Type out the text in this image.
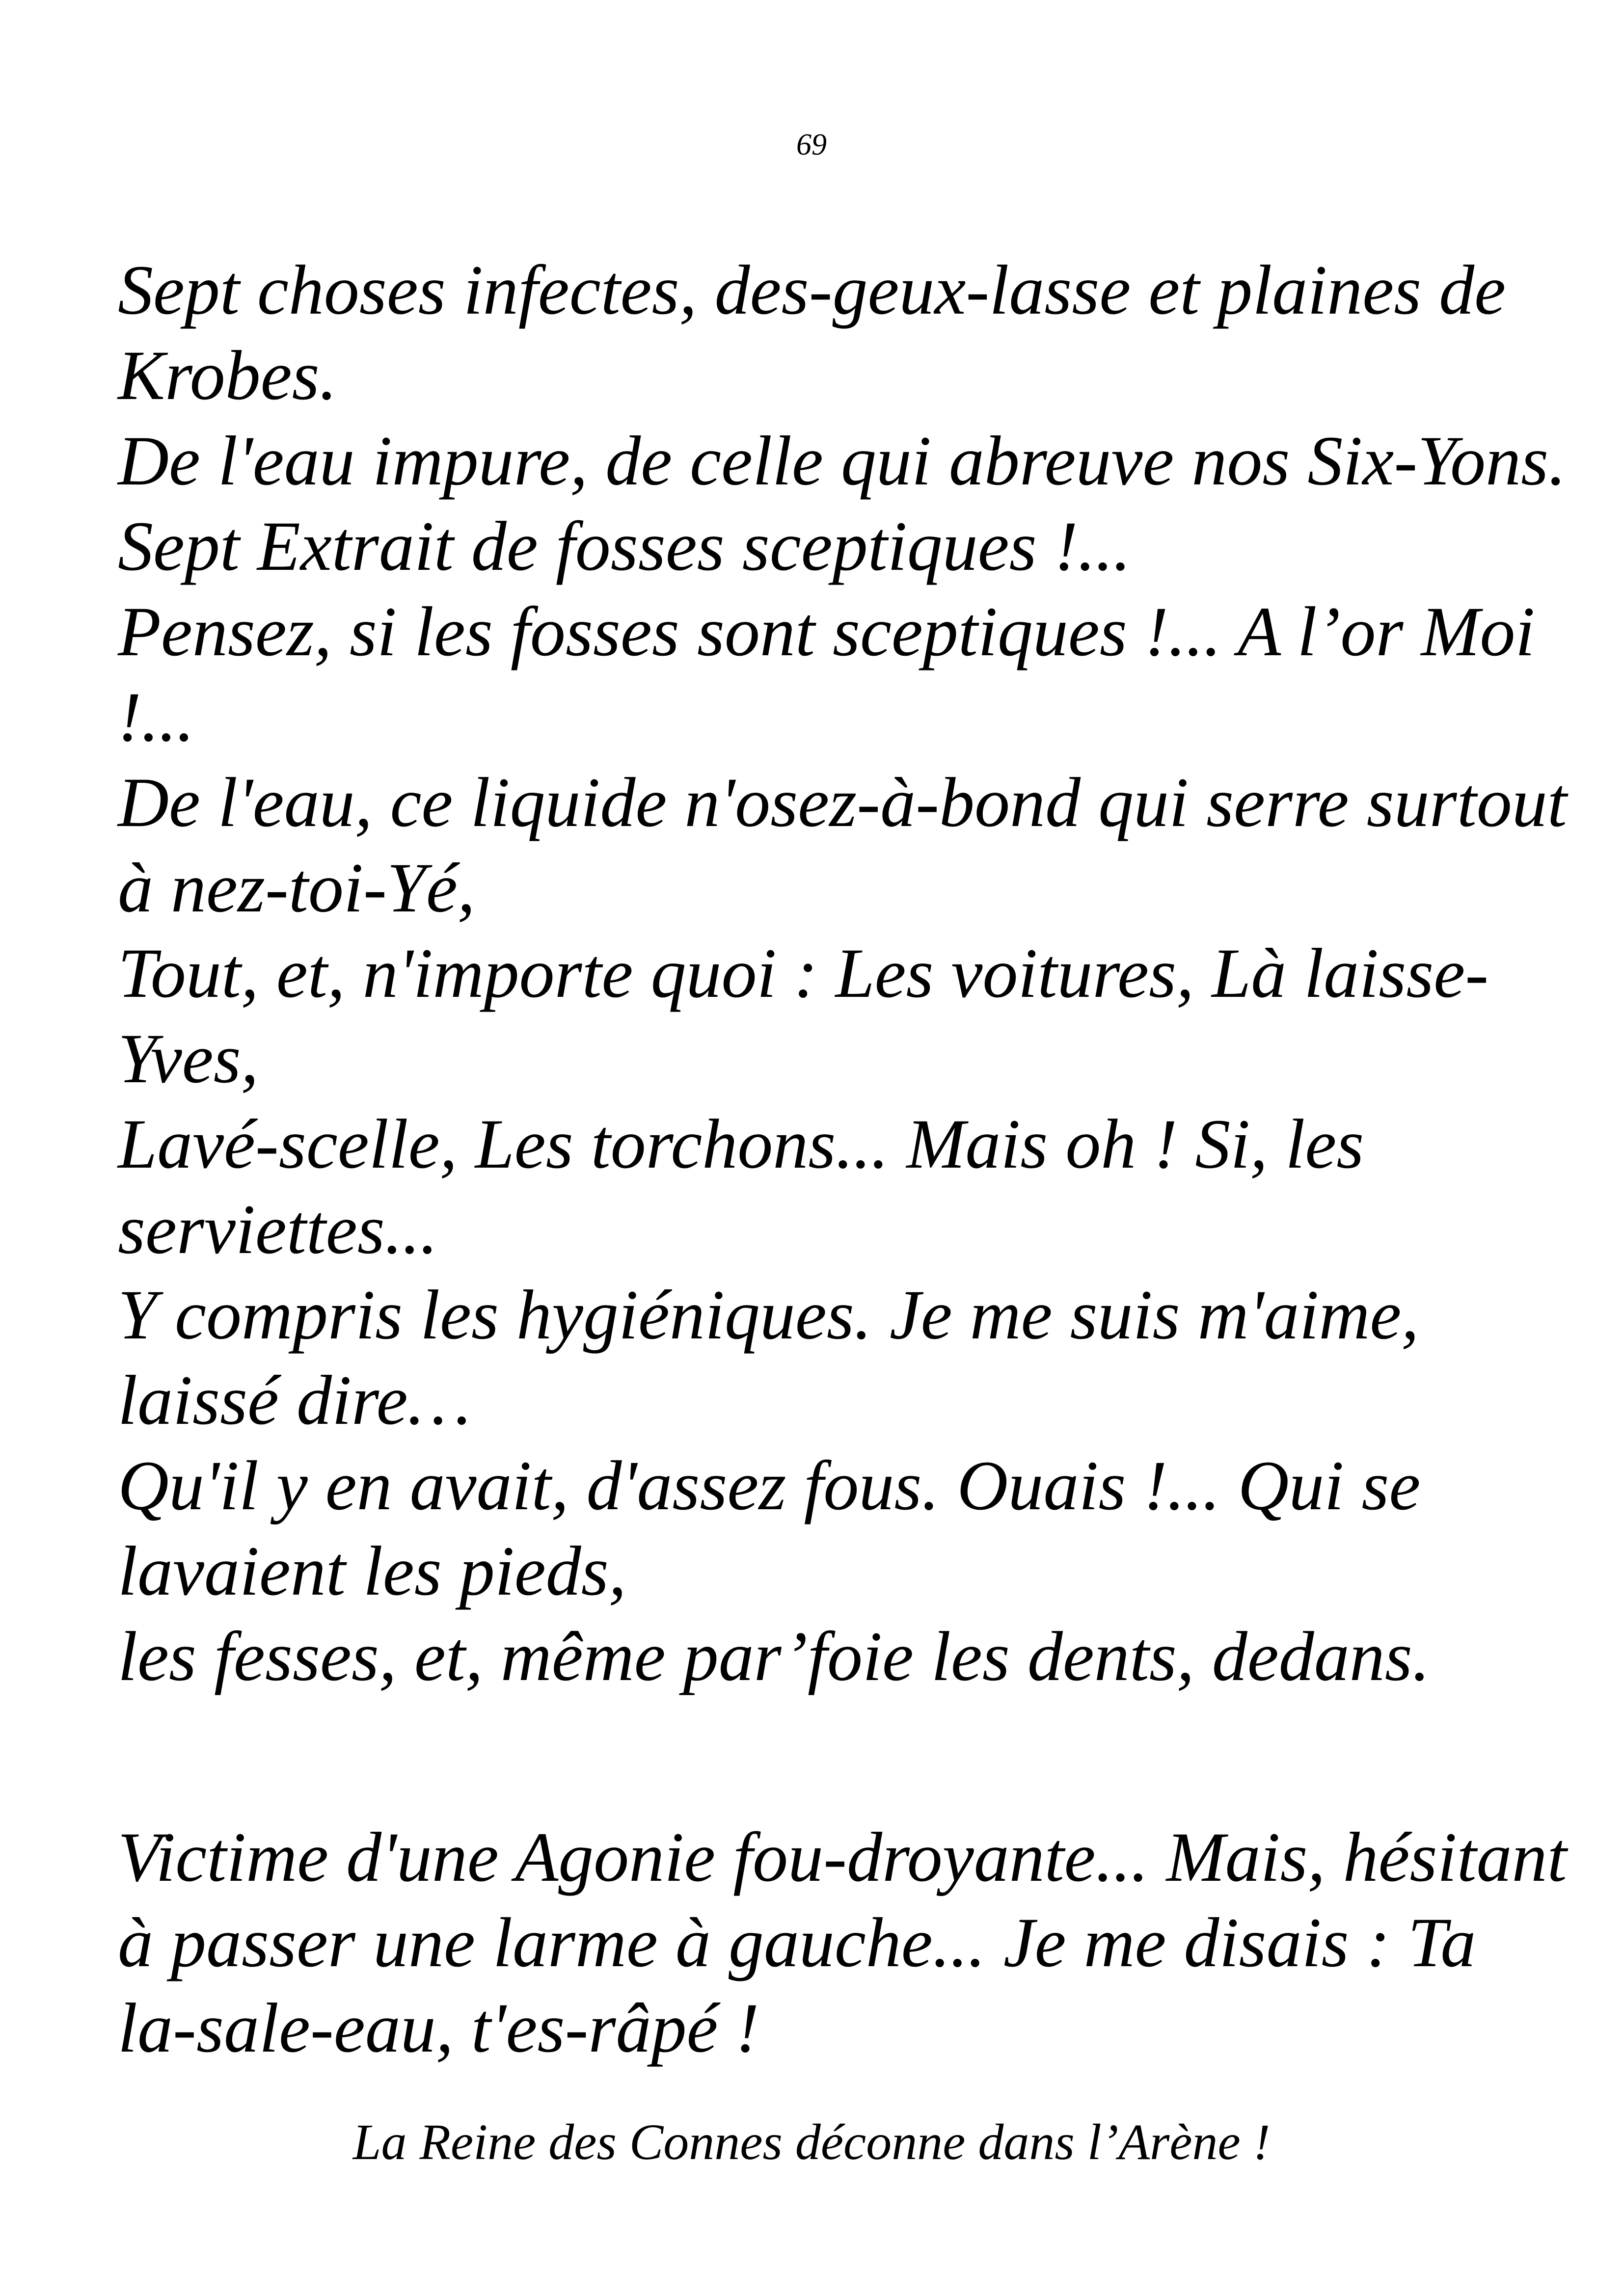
69

Sept choses infectes, des-geux-lasse et plaines de Krobes.

De l'eau impure, de celle qui abreuve nos Six-Yons.

Sept Extrait de fosses sceptiques !...

Pensez, si les fosses sont sceptiques !... A l’or Moi !...

De l'eau, ce liquide n'osez-à-bond qui serre surtout à nez-toi-Yé,

Tout, et, n'importe quoi : Les voitures, Là laisse-Yves,

Lavé-scelle, Les torchons... Mais oh ! Si, les serviettes...

Y compris les hygiéniques. Je me suis m'aime, laissé dire…

Qu'il y en avait, d'assez fous. Ouais !... Qui se lavaient les pieds,

les fesses, et, même par’foie les dents, dedans.

Victime d'une Agonie fou-droyante... Mais, hésitant à passer une larme à gauche... Je me disais : Ta la-sale-eau, t'es-râpé !

La Reine des Connes déconne dans l’Arène !
